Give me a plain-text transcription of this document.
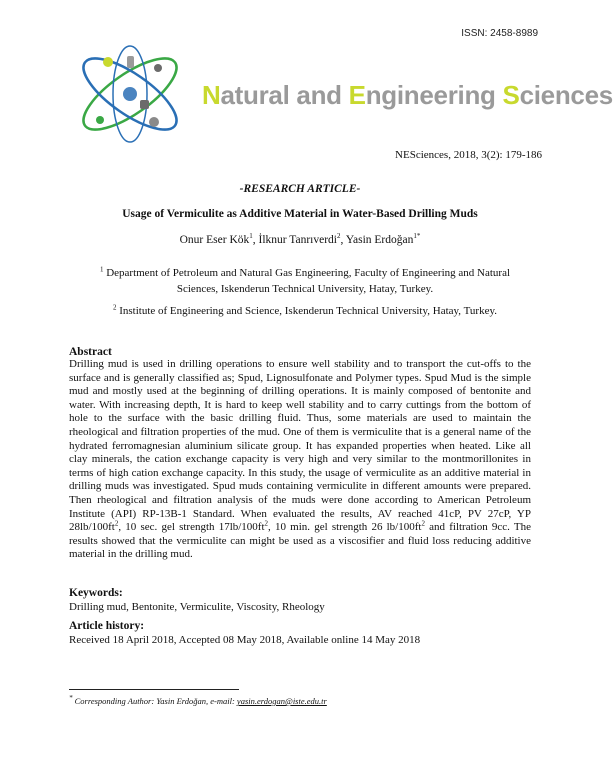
ISSN: 2458-8989
Natural and Engineering Sciences
NESciences, 2018, 3(2): 179-186
-RESEARCH ARTICLE-
Usage of Vermiculite as Additive Material in Water-Based Drilling Muds
Onur Eser Kök$^1$, İlknur Tanrıverdi$^2$, Yasin Erdoğan$^{1*}$
$^1$ Department of Petroleum and Natural Gas Engineering, Faculty of Engineering and Natural Sciences, Iskenderun Technical University, Hatay, Turkey.
$^2$ Institute of Engineering and Science, Iskenderun Technical University, Hatay, Turkey.
Abstract
Drilling mud is used in drilling operations to ensure well stability and to transport the cut-offs to the surface and is generally classified as; Spud, Lignosulfonate and Polymer types. Spud Mud is the simple mud and mostly used at the beginning of drilling operations. It is mainly composed of bentonite and water. With increasing depth, It is hard to keep well stability and to carry cuttings from the bottom of hole to the surface with the basic drilling fluid. Thus, some materials are used to maintain the rheological and filtration properties of the mud. One of them is vermiculite that is a general name of the hydrated ferromagnesian aluminium silicate group. It has expanded properties when heated. Like all clay minerals, the cation exchange capacity is very high and very similar to the montmorillonites in terms of high cation exchange capacity. In this study, the usage of vermiculite as an additive material in drilling muds was investigated. Spud muds containing vermiculite in different amounts were prepared. Then rheological and filtration analysis of the muds were done according to American Petroleum Institute (API) RP-13B-1 Standard. When evaluated the results, AV reached 41cP, PV 27cP, YP $28lb/100ft^2$, 10 sec. gel strength $17lb/100ft^2$, 10 min. gel strength 26 $lb/100ft^2$ and filtration 9cc. The results showed that the vermiculite can might be used as a viscosifier and fluid loss reducing additive material in the drilling mud.
Keywords:
Drilling mud, Bentonite, Vermiculite, Viscosity, Rheology
Article history:
Received 18 April 2018, Accepted 08 May 2018, Available online 14 May 2018
* Corresponding Author: Yasin Erdoğan, e-mail: yasin.erdogan@iste.edu.tr
